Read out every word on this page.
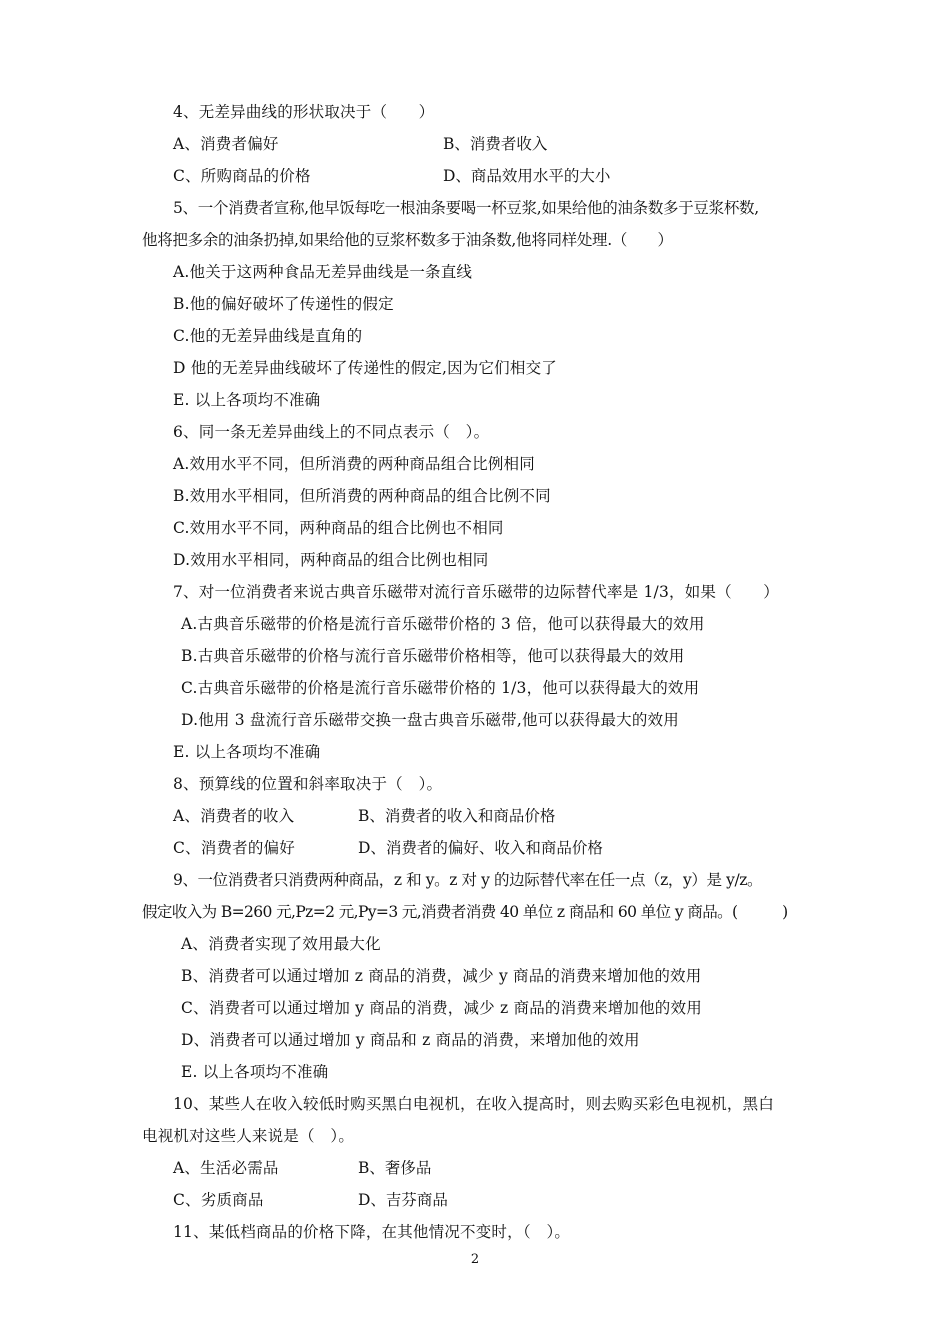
4、无差异曲线的形状取决于（　　）
A、消费者偏好	B、消费者收入
C、所购商品的价格	D、商品效用水平的大小
5、一个消费者宣称,他早饭每吃一根油条要喝一杯豆浆,如果给他的油条数多于豆浆杯数,
他将把多余的油条扔掉,如果给他的豆浆杯数多于油条数,他将同样处理.（　　）
A.他关于这两种食品无差异曲线是一条直线
B.他的偏好破坏了传递性的假定
C.他的无差异曲线是直角的
D 他的无差异曲线破坏了传递性的假定,因为它们相交了
E. 以上各项均不准确
6、同一条无差异曲线上的不同点表示（　）。
A.效用水平不同，但所消费的两种商品组合比例相同
B.效用水平相同，但所消费的两种商品的组合比例不同
C.效用水平不同，两种商品的组合比例也不相同
D.效用水平相同，两种商品的组合比例也相同
7、对一位消费者来说古典音乐磁带对流行音乐磁带的边际替代率是 1/3，如果（　　）
A.古典音乐磁带的价格是流行音乐磁带价格的 3 倍，他可以获得最大的效用
B.古典音乐磁带的价格与流行音乐磁带价格相等，他可以获得最大的效用
C.古典音乐磁带的价格是流行音乐磁带价格的 1/3，他可以获得最大的效用
D.他用 3 盘流行音乐磁带交换一盘古典音乐磁带,他可以获得最大的效用
E. 以上各项均不准确
8、预算线的位置和斜率取决于（　）。
A、消费者的收入	B、消费者的收入和商品价格
C、消费者的偏好	D、消费者的偏好、收入和商品价格
9、一位消费者只消费两种商品，z 和 y。z 对 y 的边际替代率在任一点（z，y）是 y/z。
假定收入为 B=260 元,Pz=2 元,Py=3 元,消费者消费 40 单位 z 商品和 60 单位 y 商品。(　　　)
A、消费者实现了效用最大化
B、消费者可以通过增加 z 商品的消费，减少 y 商品的消费来增加他的效用
C、消费者可以通过增加 y 商品的消费，减少 z 商品的消费来增加他的效用
D、消费者可以通过增加 y 商品和 z 商品的消费，来增加他的效用
E. 以上各项均不准确
10、某些人在收入较低时购买黑白电视机，在收入提高时，则去购买彩色电视机，黑白
电视机对这些人来说是（　）。
A、生活必需品	B、奢侈品
C、劣质商品	D、吉芬商品
11、某低档商品的价格下降，在其他情况不变时，（　）。
2
